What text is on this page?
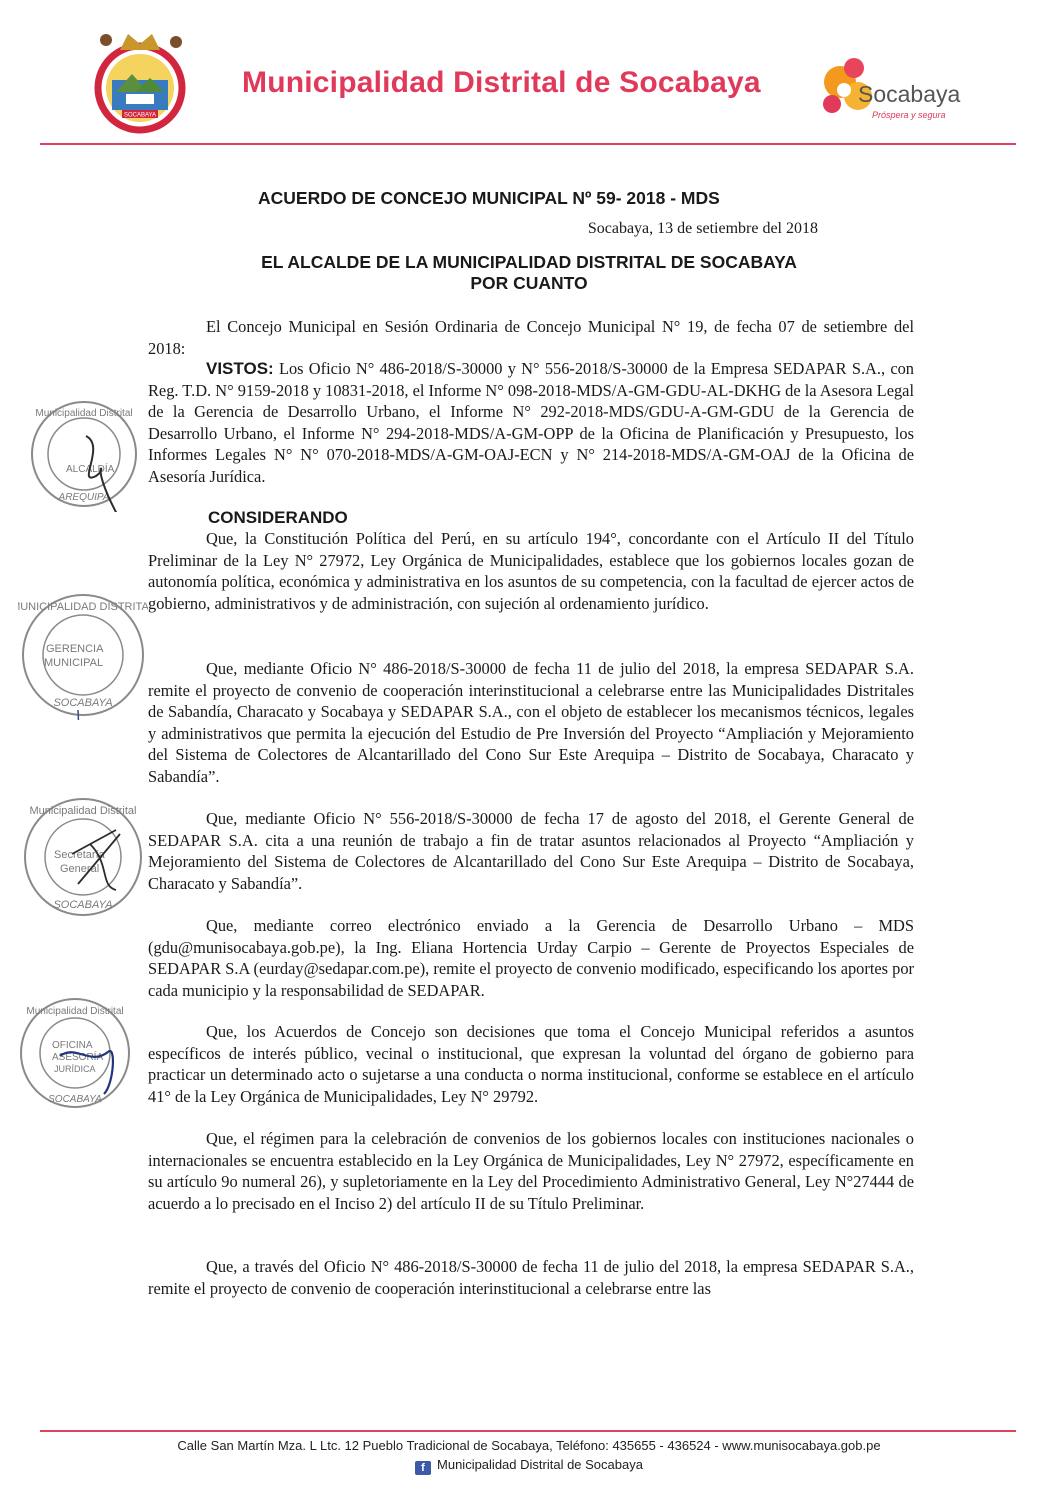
SOCABAYA
Municipalidad Distrital de Socabaya	Socabaya
Próspera y segura
ACUERDO DE CONCEJO MUNICIPAL Nº 59- 2018 - MDS
Socabaya, 13 de setiembre del 2018
EL ALCALDE DE LA MUNICIPALIDAD DISTRITAL DE SOCABAYA
POR CUANTO
El Concejo Municipal en Sesión Ordinaria de Concejo Municipal N° 19, de fecha 07 de setiembre del 2018:
VISTOS: Los Oficio N° 486-2018/S-30000 y N° 556-2018/S-30000 de la Empresa SEDAPAR S.A., con Reg. T.D. N° 9159-2018 y 10831-2018, el Informe N° 098-2018-MDS/A-GM-GDU-AL-DKHG de la Asesora Legal de la Gerencia de Desarrollo Urbano, el Informe N° 292-2018-MDS/GDU-A-GM-GDU de la Gerencia de Desarrollo Urbano, el Informe N° 294-2018-MDS/A-GM-OPP de la Oficina de Planificación y Presupuesto, los Informes Legales N° N° 070-2018-MDS/A-GM-OAJ-ECN y N° 214-2018-MDS/A-GM-OAJ de la Oficina de Asesoría Jurídica.
CONSIDERANDO
Que, la Constitución Política del Perú, en su artículo 194°, concordante con el Artículo II del Título Preliminar de la Ley N° 27972, Ley Orgánica de Municipalidades, establece que los gobiernos locales gozan de autonomía política, económica y administrativa en los asuntos de su competencia, con la facultad de ejercer actos de gobierno, administrativos y de administración, con sujeción al ordenamiento jurídico.
Que, mediante Oficio N° 486-2018/S-30000 de fecha 11 de julio del 2018, la empresa SEDAPAR S.A. remite el proyecto de convenio de cooperación interinstitucional a celebrarse entre las Municipalidades Distritales de Sabandía, Characato y Socabaya y SEDAPAR S.A., con el objeto de establecer los mecanismos técnicos, legales y administrativos que permita la ejecución del Estudio de Pre Inversión del Proyecto “Ampliación y Mejoramiento del Sistema de Colectores de Alcantarillado del Cono Sur Este Arequipa – Distrito de Socabaya, Characato y Sabandía”.
Que, mediante Oficio N° 556-2018/S-30000 de fecha 17 de agosto del 2018, el Gerente General de SEDAPAR S.A. cita a una reunión de trabajo a fin de tratar asuntos relacionados al Proyecto “Ampliación y Mejoramiento del Sistema de Colectores de Alcantarillado del Cono Sur Este Arequipa – Distrito de Socabaya, Characato y Sabandía”.
Que, mediante correo electrónico enviado a la Gerencia de Desarrollo Urbano – MDS (gdu@munisocabaya.gob.pe), la Ing. Eliana Hortencia Urday Carpio – Gerente de Proyectos Especiales de SEDAPAR S.A (eurday@sedapar.com.pe), remite el proyecto de convenio modificado, especificando los aportes por cada municipio y la responsabilidad de SEDAPAR.
Que, los Acuerdos de Concejo son decisiones que toma el Concejo Municipal referidos a asuntos específicos de interés público, vecinal o institucional, que expresan la voluntad del órgano de gobierno para practicar un determinado acto o sujetarse a una conducta o norma institucional, conforme se establece en el artículo 41° de la Ley Orgánica de Municipalidades, Ley N° 29792.
Que, el régimen para la celebración de convenios de los gobiernos locales con instituciones nacionales o internacionales se encuentra establecido en la Ley Orgánica de Municipalidades, Ley N° 27972, específicamente en su artículo 9o numeral 26), y supletoriamente en la Ley del Procedimiento Administrativo General, Ley N°27444 de acuerdo a lo precisado en el Inciso 2) del artículo II de su Título Preliminar.
Que, a través del Oficio N° 486-2018/S-30000 de fecha 11 de julio del 2018, la empresa SEDAPAR S.A., remite el proyecto de convenio de cooperación interinstitucional a celebrarse entre las
Municipalidad Distrital
ALCALDÍA
AREQUIPA
MUNICIPALIDAD DISTRITAL
GERENCIA
MUNICIPAL
SOCABAYA
Municipalidad Distrital
Secretaría
General
SOCABAYA
Municipalidad Distrital
OFICINA
ASESORÍA
JURÍDICA
SOCABAYA
Calle San Martín Mza. L Ltc. 12 Pueblo Tradicional de Socabaya, Teléfono: 435655 - 436524 - www.munisocabaya.gob.pe
f Municipalidad Distrital de Socabaya
